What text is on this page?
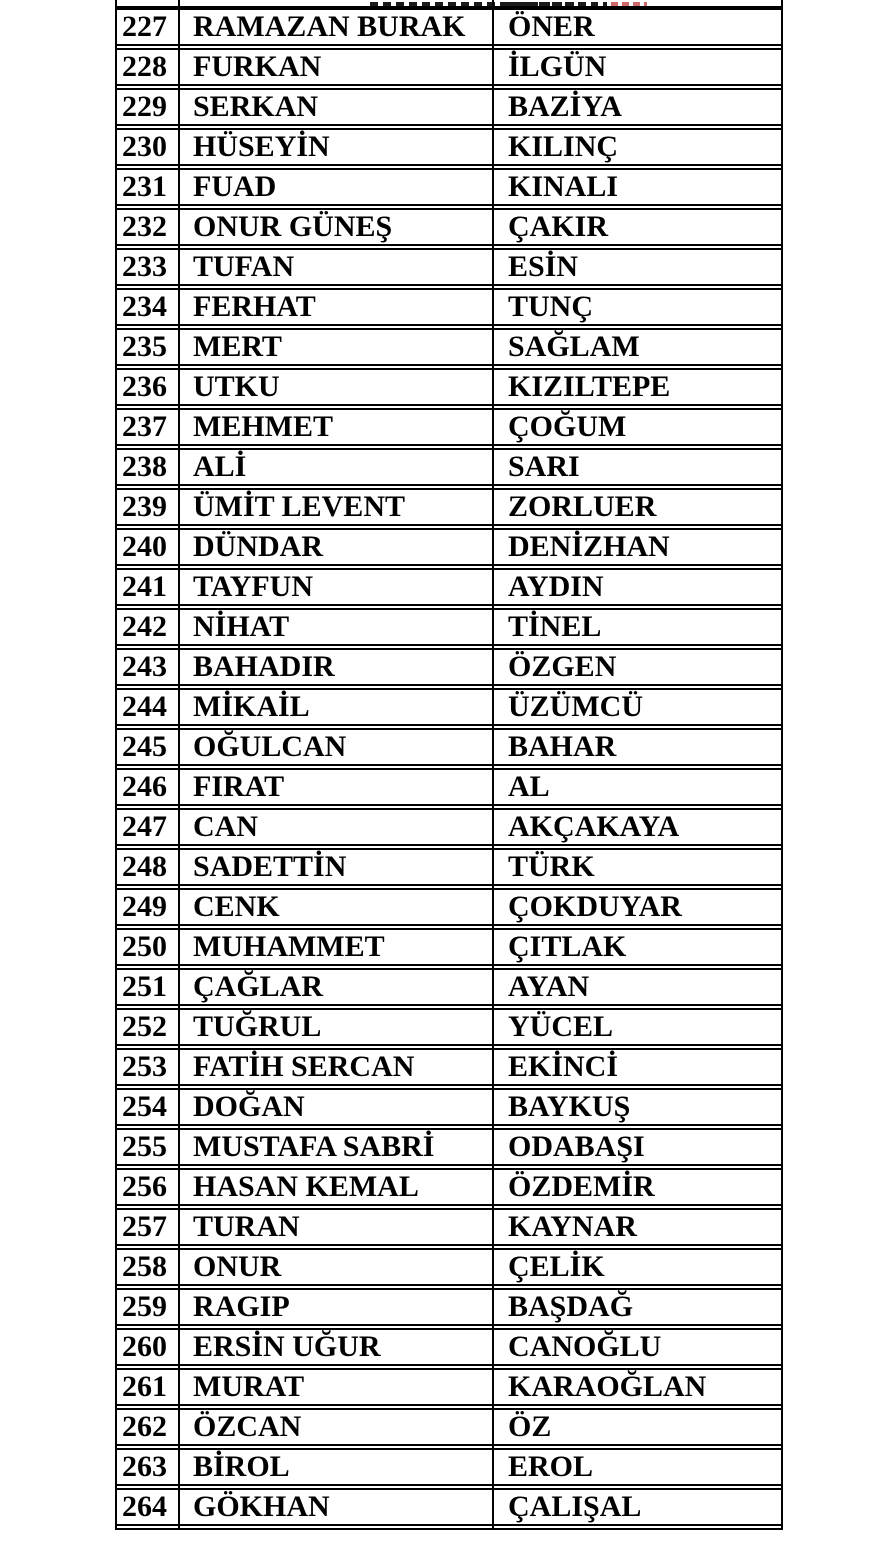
227 RAMAZAN BURAK	ÖNER
228 FURKAN	İLGÜN
229 SERKAN	BAZİYA
230 HÜSEYİN	KILINÇ
231 FUAD	KINALI
232 ONUR GÜNEŞ	ÇAKIR
233 TUFAN	ESİN
234 FERHAT	TUNÇ
235 MERT	SAĞLAM
236 UTKU	KIZILTEPE
237 MEHMET	ÇOĞUM
238 ALİ	SARI
239 ÜMİT LEVENT	ZORLUER
240 DÜNDAR	DENİZHAN
241 TAYFUN	AYDIN
242 NİHAT	TİNEL
243 BAHADIR	ÖZGEN
244 MİKAİL	ÜZÜMCÜ
245 OĞULCAN	BAHAR
246 FIRAT	AL
247 CAN	AKÇAKAYA
248 SADETTİN	TÜRK
249 CENK	ÇOKDUYAR
250 MUHAMMET	ÇITLAK
251 ÇAĞLAR	AYAN
252 TUĞRUL	YÜCEL
253 FATİH SERCAN	EKİNCİ
254 DOĞAN	BAYKUŞ
255 MUSTAFA SABRİ	ODABAŞI
256 HASAN KEMAL	ÖZDEMİR
257 TURAN	KAYNAR
258 ONUR	ÇELİK
259 RAGIP	BAŞDAĞ
260 ERSİN UĞUR	CANOĞLU
261 MURAT	KARAOĞLAN
262 ÖZCAN	ÖZ
263 BİROL	EROL
264 GÖKHAN	ÇALIŞAL
